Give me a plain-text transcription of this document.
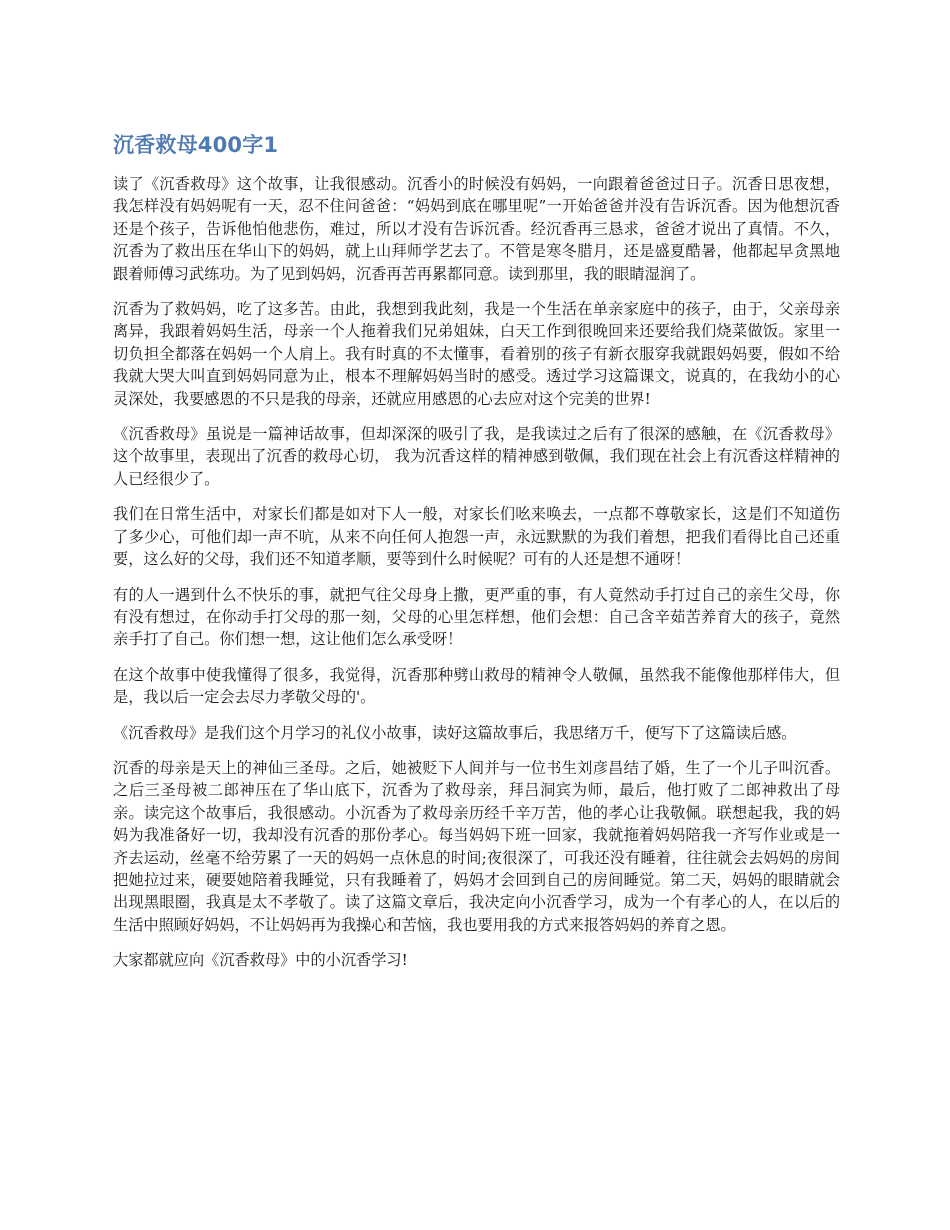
沉香救母400字1

读了《沉香救母》这个故事，让我很感动。沉香小的时候没有妈妈，一向跟着爸爸过日子。沉香日思夜想，我怎样没有妈妈呢有一天，忍不住问爸爸：“妈妈到底在哪里呢”一开始爸爸并没有告诉沉香。因为他想沉香还是个孩子，告诉他怕他悲伤，难过，所以才没有告诉沉香。经沉香再三恳求，爸爸才说出了真情。不久，沉香为了救出压在华山下的妈妈，就上山拜师学艺去了。不管是寒冬腊月，还是盛夏酷暑，他都起早贪黑地跟着师傅习武练功。为了见到妈妈，沉香再苦再累都同意。读到那里，我的眼睛湿润了。

沉香为了救妈妈，吃了这多苦。由此，我想到我此刻，我是一个生活在单亲家庭中的孩子，由于，父亲母亲离异，我跟着妈妈生活，母亲一个人拖着我们兄弟姐妹，白天工作到很晚回来还要给我们烧菜做饭。家里一切负担全都落在妈妈一个人肩上。我有时真的不太懂事，看着别的孩子有新衣服穿我就跟妈妈要，假如不给我就大哭大叫直到妈妈同意为止，根本不理解妈妈当时的感受。透过学习这篇课文，说真的，在我幼小的心灵深处，我要感恩的不只是我的母亲，还就应用感恩的心去应对这个完美的世界!

《沉香救母》虽说是一篇神话故事，但却深深的吸引了我，是我读过之后有了很深的感触，在《沉香救母》这个故事里，表现出了沉香的救母心切， 我为沉香这样的精神感到敬佩，我们现在社会上有沉香这样精神的人已经很少了。

我们在日常生活中，对家长们都是如对下人一般，对家长们吆来唤去，一点都不尊敬家长，这是们不知道伤了多少心，可他们却一声不吭，从来不向任何人抱怨一声，永远默默的为我们着想，把我们看得比自己还重要，这么好的父母，我们还不知道孝顺，要等到什么时候呢？可有的人还是想不通呀！

有的人一遇到什么不快乐的事，就把气往父母身上撒，更严重的事，有人竟然动手打过自己的亲生父母，你有没有想过，在你动手打父母的那一刻，父母的心里怎样想，他们会想：自己含辛茹苦养育大的孩子，竟然亲手打了自己。你们想一想，这让他们怎么承受呀！

在这个故事中使我懂得了很多，我觉得，沉香那种劈山救母的精神令人敬佩，虽然我不能像他那样伟大，但是，我以后一定会去尽力孝敬父母的'。

《沉香救母》是我们这个月学习的礼仪小故事，读好这篇故事后，我思绪万千，便写下了这篇读后感。

沉香的母亲是天上的神仙三圣母。之后，她被贬下人间并与一位书生刘彦昌结了婚，生了一个儿子叫沉香。之后三圣母被二郎神压在了华山底下，沉香为了救母亲，拜吕洞宾为师，最后，他打败了二郎神救出了母亲。读完这个故事后，我很感动。小沉香为了救母亲历经千辛万苦，他的孝心让我敬佩。联想起我，我的妈妈为我准备好一切，我却没有沉香的那份孝心。每当妈妈下班一回家，我就拖着妈妈陪我一齐写作业或是一齐去运动，丝毫不给劳累了一天的妈妈一点休息的时间;夜很深了，可我还没有睡着，往往就会去妈妈的房间把她拉过来，硬要她陪着我睡觉，只有我睡着了，妈妈才会回到自己的房间睡觉。第二天，妈妈的眼睛就会出现黑眼圈，我真是太不孝敬了。读了这篇文章后，我决定向小沉香学习，成为一个有孝心的人，在以后的生活中照顾好妈妈，不让妈妈再为我操心和苦恼，我也要用我的方式来报答妈妈的养育之恩。

大家都就应向《沉香救母》中的小沉香学习!
